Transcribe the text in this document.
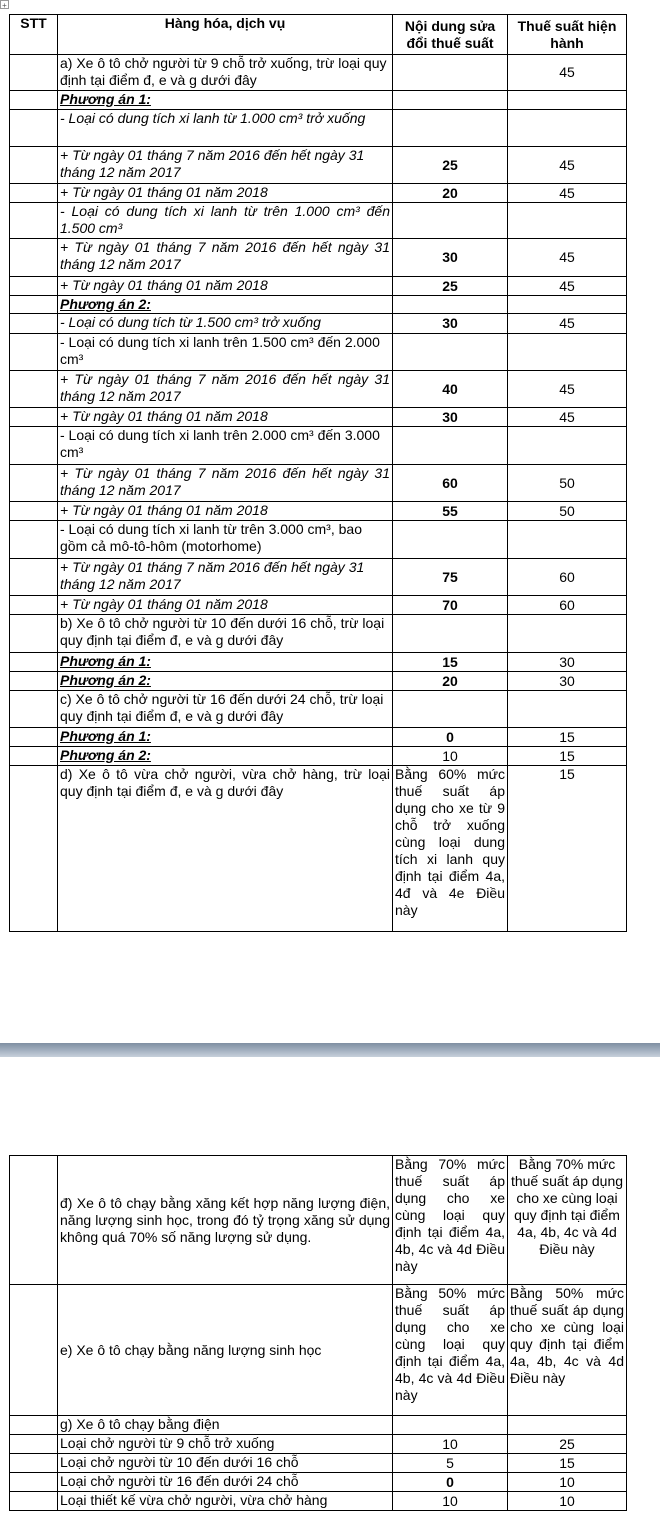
+
STT	Hàng hóa, dịch vụ	Nội dung sửa đổi thuế suất	Thuế suất hiện hành
	a) Xe ô tô chở người từ 9 chỗ trở xuống, trừ loại quy định tại điểm đ, e và g dưới đây		45
	Phương án 1:		
	- Loại có dung tích xi lanh từ 1.000 cm³ trở xuống		
	+ Từ ngày 01 tháng 7 năm 2016 đến hết ngày 31 tháng 12 năm 2017	25	45
	+ Từ ngày 01 tháng 01 năm 2018	20	45
	- Loại có dung tích xi lanh từ trên 1.000 cm³ đến 1.500 cm³		
	+ Từ ngày 01 tháng 7 năm 2016 đến hết ngày 31 tháng 12 năm 2017	30	45
	+ Từ ngày 01 tháng 01 năm 2018	25	45
	Phương án 2:		
	- Loại có dung tích từ 1.500 cm³ trở xuống	30	45
	- Loại có dung tích xi lanh trên 1.500 cm³ đến 2.000 cm³		
	+ Từ ngày 01 tháng 7 năm 2016 đến hết ngày 31 tháng 12 năm 2017	40	45
	+ Từ ngày 01 tháng 01 năm 2018	30	45
	- Loại có dung tích xi lanh trên 2.000 cm³ đến 3.000 cm³		
	+ Từ ngày 01 tháng 7 năm 2016 đến hết ngày 31 tháng 12 năm 2017	60	50
	+ Từ ngày 01 tháng 01 năm 2018	55	50
	- Loại có dung tích xi lanh từ trên 3.000 cm³, bao gồm cả mô-tô-hôm (motorhome)		
	+ Từ ngày 01 tháng 7 năm 2016 đến hết ngày 31 tháng 12 năm 2017	75	60
	+ Từ ngày 01 tháng 01 năm 2018	70	60
	b) Xe ô tô chở người từ 10 đến dưới 16 chỗ, trừ loại quy định tại điểm đ, e và g dưới đây		
	Phương án 1:	15	30
	Phương án 2:	20	30
	c) Xe ô tô chở người từ 16 đến dưới 24 chỗ, trừ loại quy định tại điểm đ, e và g dưới đây		
	Phương án 1:	0	15
	Phương án 2:	10	15
	d) Xe ô tô vừa chở người, vừa chở hàng, trừ loại quy định tại điểm đ, e và g dưới đây	Bằng 60% mức thuế suất áp dụng cho xe từ 9 chỗ trở xuống cùng loại dung tích xi lanh quy định tại điểm 4a, 4đ và 4e Điều này	15
	đ) Xe ô tô chạy bằng xăng kết hợp năng lượng điện, năng lượng sinh học, trong đó tỷ trọng xăng sử dụng không quá 70% số năng lượng sử dụng.	Bằng 70% mức thuế suất áp dụng cho xe cùng loại quy định tại điểm 4a, 4b, 4c và 4d Điều này	Bằng 70% mức thuế suất áp dụng cho xe cùng loại quy định tại điểm 4a, 4b, 4c và 4d Điều này
	e) Xe ô tô chạy bằng năng lượng sinh học	Bằng 50% mức thuế suất áp dụng cho xe cùng loại quy định tại điểm 4a, 4b, 4c và 4d Điều này	Bằng 50% mức thuế suất áp dụng cho xe cùng loại quy định tại điểm 4a, 4b, 4c và 4d Điều này
	g) Xe ô tô chạy bằng điện		
	Loại chở người từ 9 chỗ trở xuống	10	25
	Loại chở người từ 10 đến dưới 16 chỗ	5	15
	Loại chở người từ 16 đến dưới 24 chỗ	0	10
	Loại thiết kế vừa chở người, vừa chở hàng	10	10
